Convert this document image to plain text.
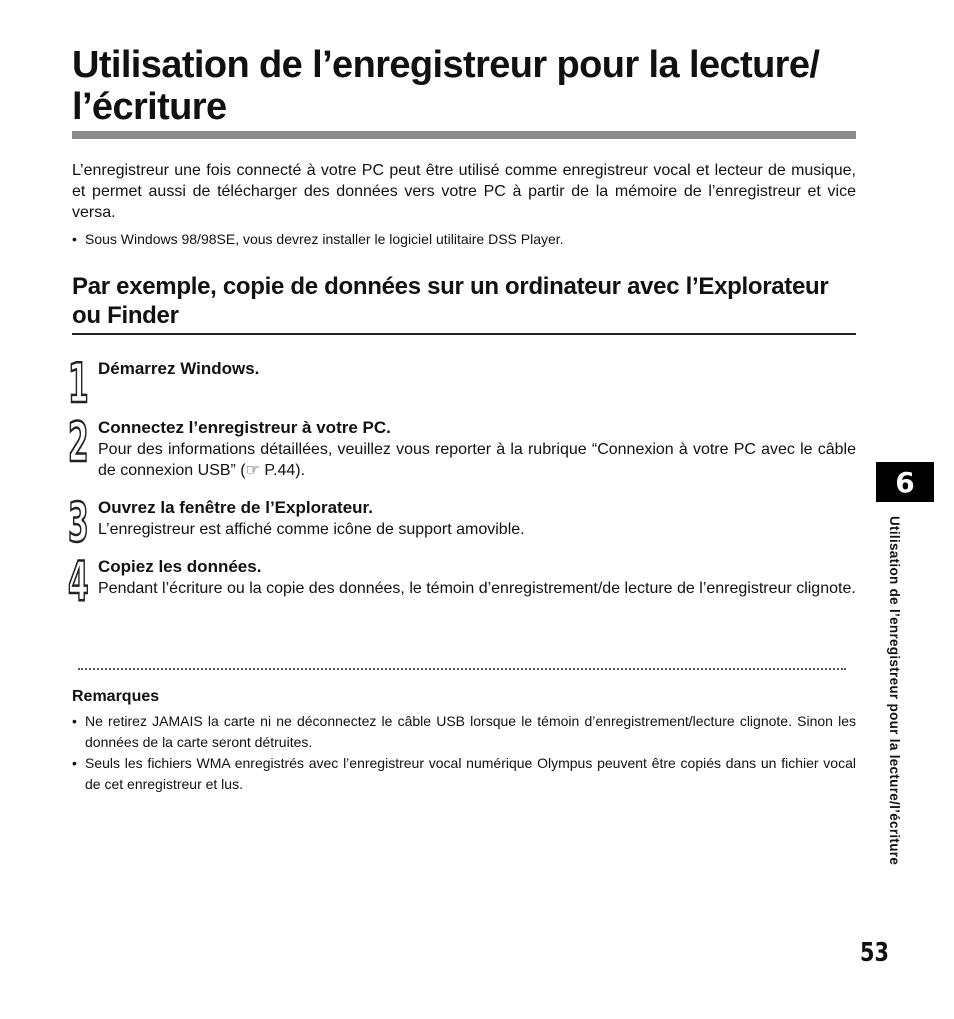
Utilisation de l’enregistreur pour la lecture/ l’écriture

L’enregistreur une fois connecté à votre PC peut être utilisé comme enregistreur vocal et lecteur de musique, et permet aussi de télécharger des données vers votre PC à partir de la mémoire de l’enregistreur et vice versa.

• Sous Windows 98/98SE, vous devrez installer le logiciel utilitaire DSS Player.
Par exemple, copie de données sur un ordinateur avec l’Explorateur ou Finder
1 Démarrez Windows.
2 Connectez l’enregistreur à votre PC.
Pour des informations détaillées, veuillez vous reporter à la rubrique “Connexion à votre PC avec le câble de connexion USB” (☞ P.44).
3 Ouvrez la fenêtre de l’Explorateur.
L’enregistreur est affiché comme icône de support amovible.
4 Copiez les données.
Pendant l’écriture ou la copie des données, le témoin d’enregistrement/de lecture de l’enregistreur clignote.

Remarques

• Ne retirez JAMAIS la carte ni ne déconnectez le câble USB lorsque le témoin d’enregistrement/lecture clignote. Sinon les données de la carte seront détruites.
• Seuls les fichiers WMA enregistrés avec l’enregistreur vocal numérique Olympus peuvent être copiés dans un fichier vocal de cet enregistreur et lus.
6
Utilisation de l’enregistreur pour la lecture/l’écriture
53
